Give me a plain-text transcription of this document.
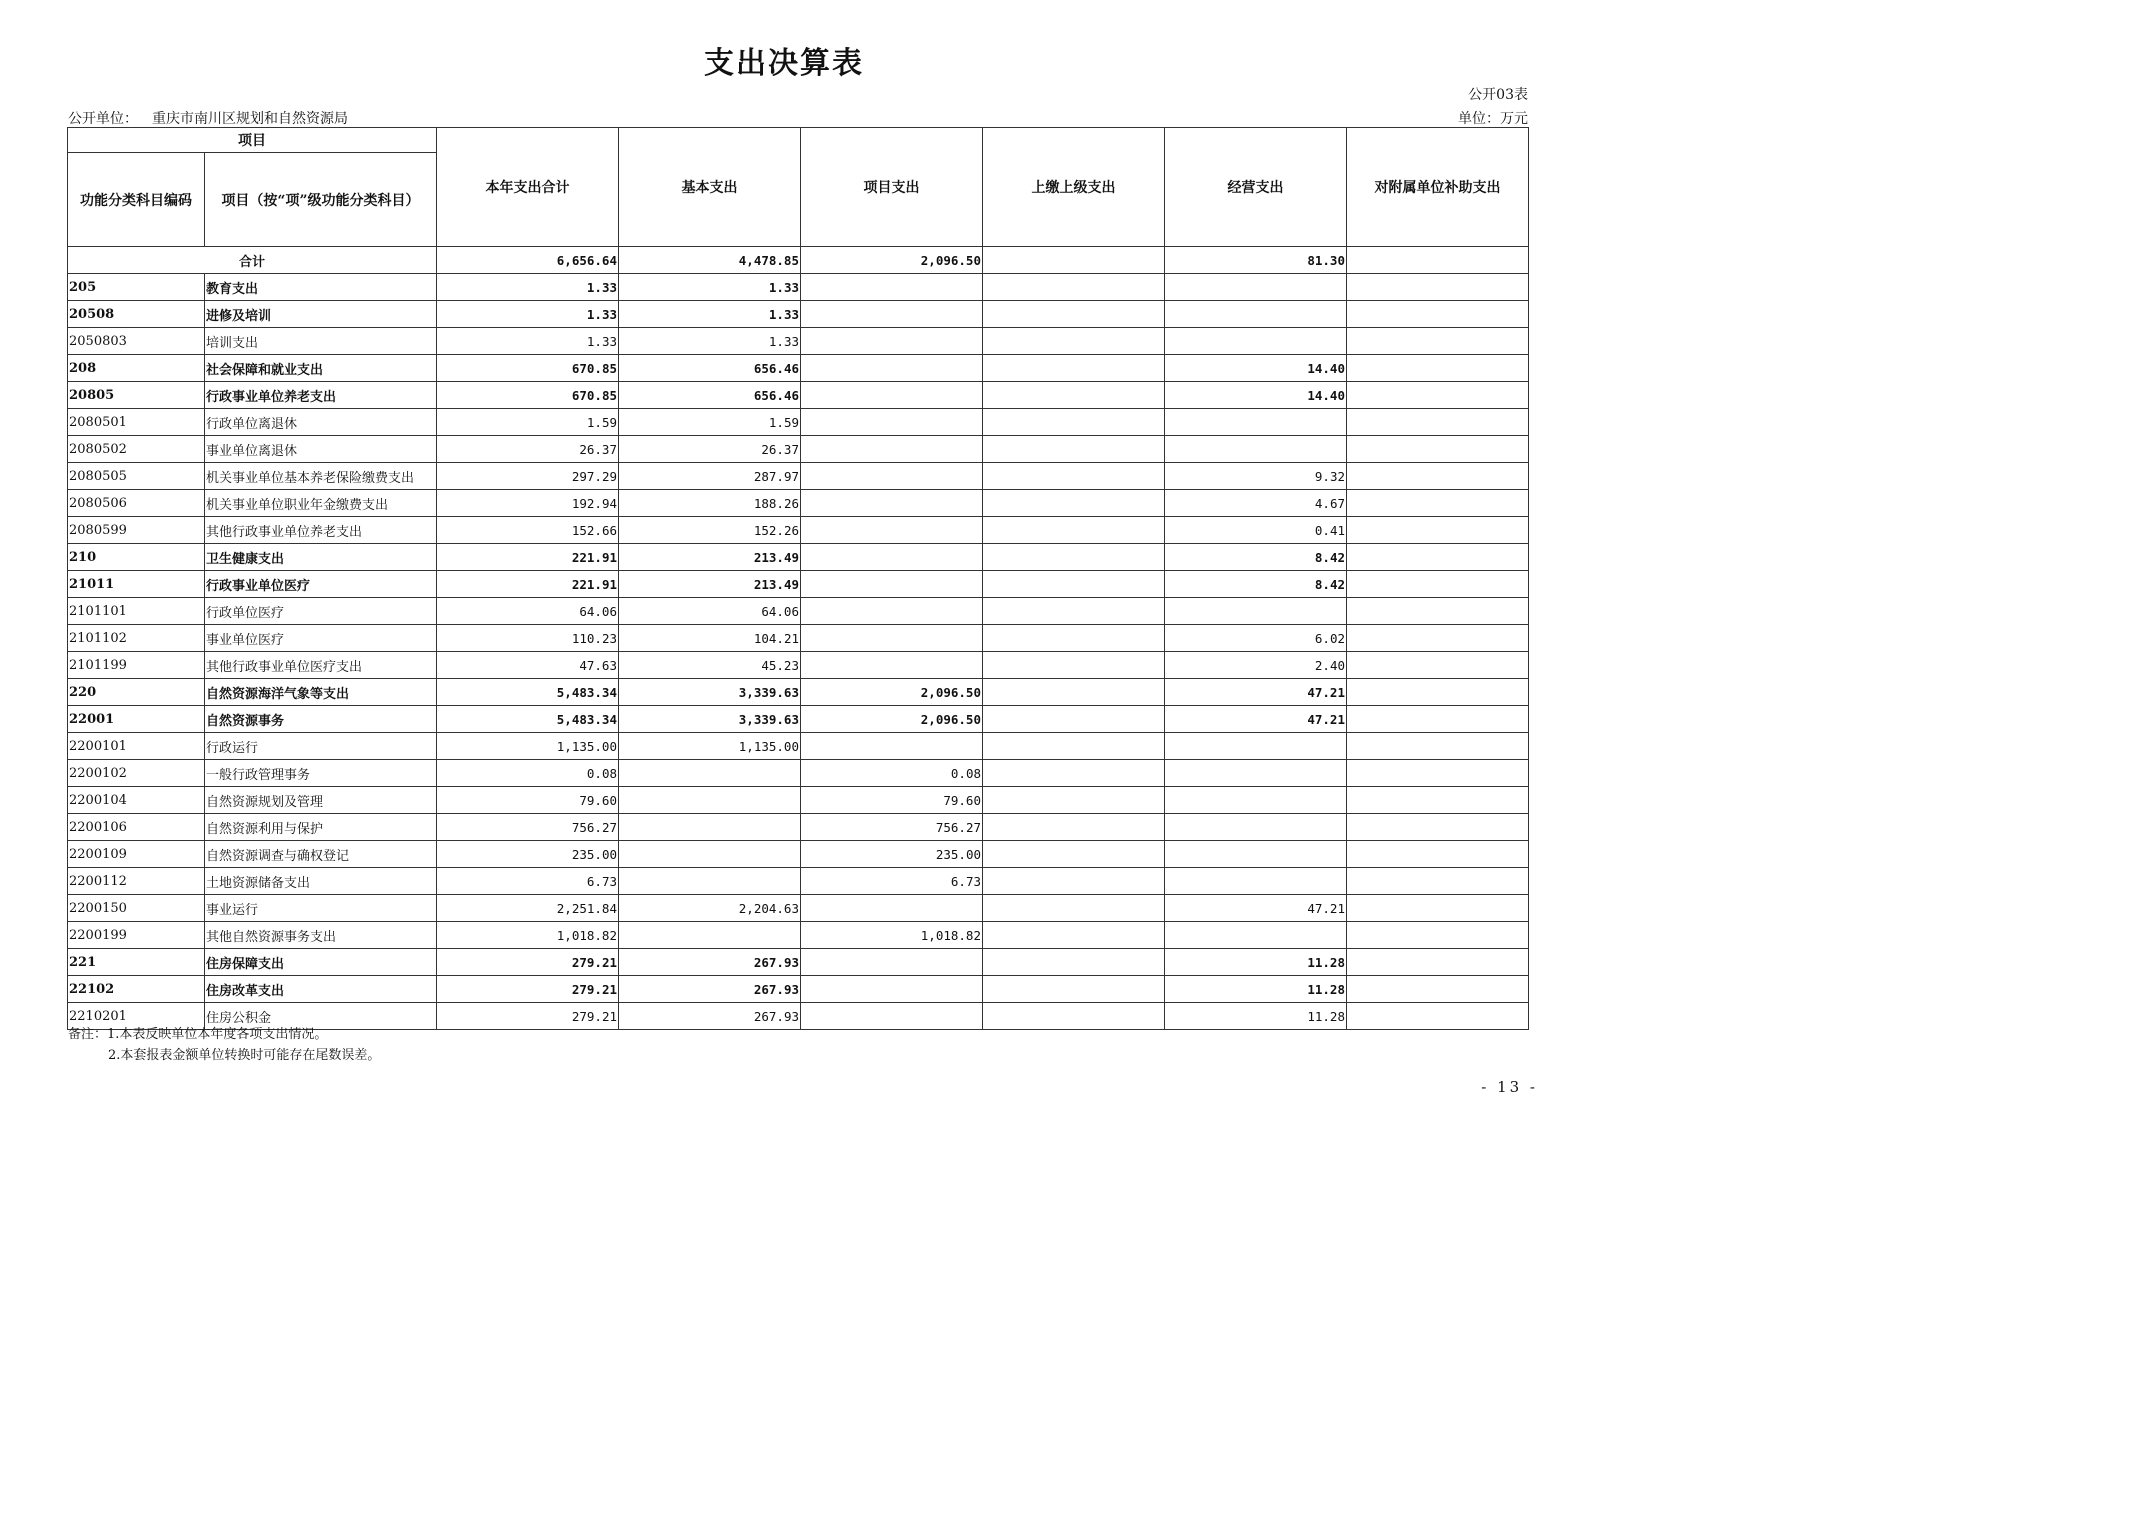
支出决算表
公开03表
公开单位： 重庆市南川区规划和自然资源局	单位：万元
项目		本年支出合计	基本支出	项目支出	上缴上级支出	经营支出	对附属单位补助支出
功能分类科目编码	项目（按“项”级功能分类科目）						
合计		6,656.64	4,478.85	2,096.50		81.30	
205	教育支出	1.33	1.33				
20508	进修及培训	1.33	1.33				
2050803	培训支出	1.33	1.33				
208	社会保障和就业支出	670.85	656.46			14.40	
20805	行政事业单位养老支出	670.85	656.46			14.40	
2080501	行政单位离退休	1.59	1.59				
2080502	事业单位离退休	26.37	26.37				
2080505	机关事业单位基本养老保险缴费支出	297.29	287.97			9.32	
2080506	机关事业单位职业年金缴费支出	192.94	188.26			4.67	
2080599	其他行政事业单位养老支出	152.66	152.26			0.41	
210	卫生健康支出	221.91	213.49			8.42	
21011	行政事业单位医疗	221.91	213.49			8.42	
2101101	行政单位医疗	64.06	64.06				
2101102	事业单位医疗	110.23	104.21			6.02	
2101199	其他行政事业单位医疗支出	47.63	45.23			2.40	
220	自然资源海洋气象等支出	5,483.34	3,339.63	2,096.50		47.21	
22001	自然资源事务	5,483.34	3,339.63	2,096.50		47.21	
2200101	行政运行	1,135.00	1,135.00				
2200102	一般行政管理事务	0.08		0.08			
2200104	自然资源规划及管理	79.60		79.60			
2200106	自然资源利用与保护	756.27		756.27			
2200109	自然资源调查与确权登记	235.00		235.00			
2200112	土地资源储备支出	6.73		6.73			
2200150	事业运行	2,251.84	2,204.63			47.21	
2200199	其他自然资源事务支出	1,018.82		1,018.82			
221	住房保障支出	279.21	267.93			11.28	
22102	住房改革支出	279.21	267.93			11.28	
2210201	住房公积金	279.21	267.93			11.28	
备注：1.本表反映单位本年度各项支出情况。
2.本套报表金额单位转换时可能存在尾数误差。
- 13 -
